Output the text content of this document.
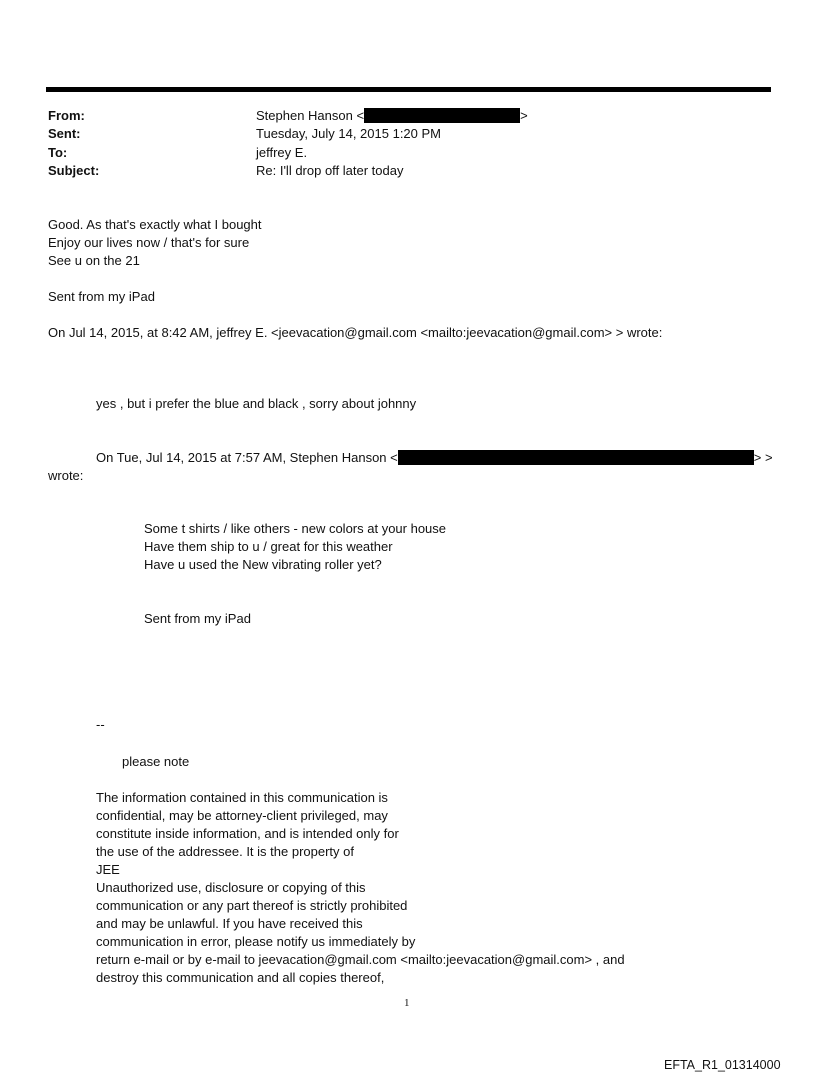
From:	Stephen Hanson <	>
Sent:	Tuesday, July 14, 2015 1:20 PM
To:	jeffrey E.
Subject:	Re: I'll drop off later today
Good. As that's exactly what I bought
Enjoy our lives now / that's for sure
See u on the 21
Sent from my iPad
On Jul 14, 2015, at 8:42 AM, jeffrey E. <jeevacation@gmail.com <mailto:jeevacation@gmail.com> > wrote:
yes , but i prefer the blue and black , sorry about johnny
On Tue, Jul 14, 2015 at 7:57 AM, Stephen Hanson <	> >
wrote:
Some t shirts / like others - new colors at your house
Have them ship to u / great for this weather
Have u used the New vibrating roller yet?
Sent from my iPad
--
please note
The information contained in this communication is
confidential, may be attorney-client privileged, may
constitute inside information, and is intended only for
the use of the addressee. It is the property of
JEE
Unauthorized use, disclosure or copying of this
communication or any part thereof is strictly prohibited
and may be unlawful. If you have received this
communication in error, please notify us immediately by
return e-mail or by e-mail to jeevacation@gmail.com <mailto:jeevacation@gmail.com> , and
destroy this communication and all copies thereof,
1
EFTA_R1_01314000
